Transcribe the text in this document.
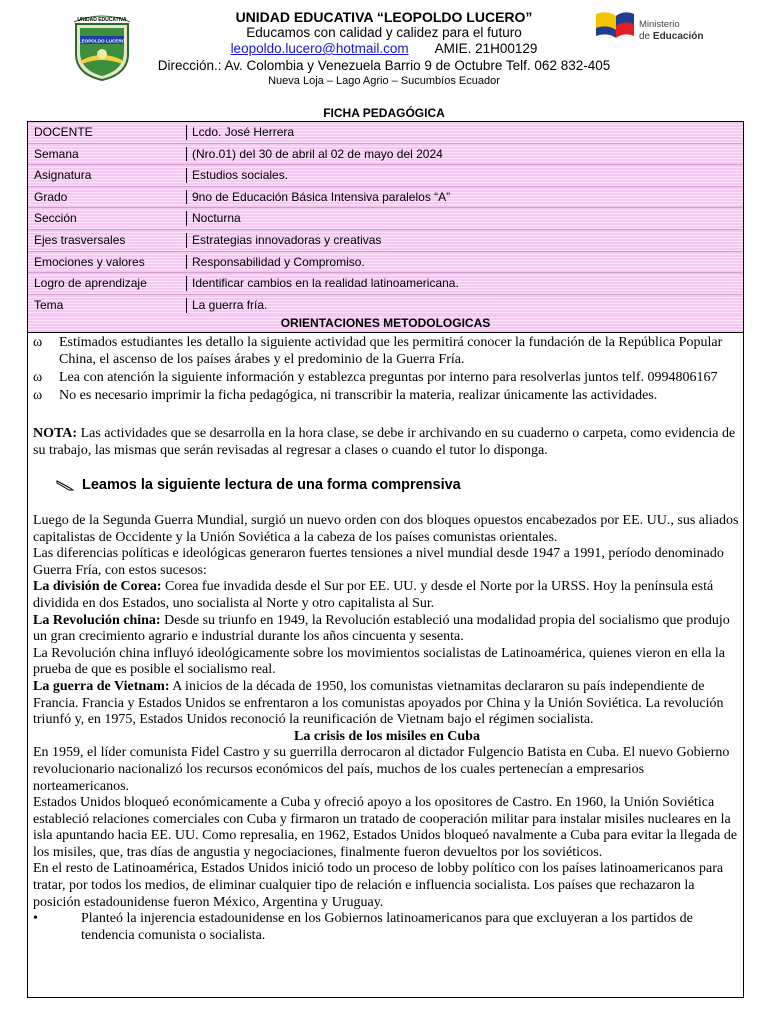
LEOPOLDO LUCERO
UNIDAD EDUCATIVA	UNIDAD EDUCATIVA “LEOPOLDO LUCERO”
Educamos con calidad y calidez para el futuro
leopoldo.lucero@hotmail.com AMIE. 21H00129
Dirección.: Av. Colombia y Venezuela Barrio 9 de Octubre Telf. 062 832-405
Nueva Loja – Lago Agrio – Sucumbíos Ecuador
Ministerio
de Educación
FICHA PEDAGÓGICA
DOCENTE	Lcdo. José Herrera
Semana	(Nro.01) del 30 de abril al 02 de mayo del 2024
Asignatura	Estudios sociales.
Grado	9no de Educación Básica Intensiva paralelos “A”
Sección	Nocturna
Ejes trasversales	Estrategias innovadoras y creativas
Emociones y valores	Responsabilidad y Compromiso.
Logro de aprendizaje	Identificar cambios en la realidad latinoamericana.
Tema	La guerra fría.
ORIENTACIONES METODOLOGICAS
ω	Estimados estudiantes les detallo la siguiente actividad que les permitirá conocer la fundación de la República Popular China, el ascenso de los países árabes y el predominio de la Guerra Fría.
ω	Lea con atención la siguiente información y establezca preguntas por interno para resolverlas juntos telf. 0994806167
ω	No es necesario imprimir la ficha pedagógica, ni transcribir la materia, realizar únicamente las actividades.
NOTA: Las actividades que se desarrolla en la hora clase, se debe ir archivando en su cuaderno o carpeta, como evidencia de su trabajo, las mismas que serán revisadas al regresar a clases o cuando el tutor lo disponga.
Leamos la siguiente lectura de una forma comprensiva

Luego de la Segunda Guerra Mundial, surgió un nuevo orden con dos bloques opuestos encabezados por EE. UU., sus aliados capitalistas de Occidente y la Unión Soviética a la cabeza de los países comunistas orientales.

Las diferencias políticas e ideológicas generaron fuertes tensiones a nivel mundial desde 1947 a 1991, período denominado Guerra Fría, con estos sucesos:

La división de Corea: Corea fue invadida desde el Sur por EE. UU. y desde el Norte por la URSS. Hoy la península está dividida en dos Estados, uno socialista al Norte y otro capitalista al Sur.

La Revolución china: Desde su triunfo en 1949, la Revolución estableció una modalidad propia del socialismo que produjo un gran crecimiento agrario e industrial durante los años cincuenta y sesenta.

La Revolución china influyó ideológicamente sobre los movimientos socialistas de Latinoamérica, quienes vieron en ella la prueba de que es posible el socialismo real.

La guerra de Vietnam: A inicios de la década de 1950, los comunistas vietnamitas declararon su país independiente de Francia. Francia y Estados Unidos se enfrentaron a los comunistas apoyados por China y la Unión Soviética. La revolución triunfó y, en 1975, Estados Unidos reconoció la reunificación de Vietnam bajo el régimen socialista.

La crisis de los misiles en Cuba

En 1959, el líder comunista Fidel Castro y su guerrilla derrocaron al dictador Fulgencio Batista en Cuba. El nuevo Gobierno revolucionario nacionalizó los recursos económicos del país, muchos de los cuales pertenecían a empresarios norteamericanos.

Estados Unidos bloqueó económicamente a Cuba y ofreció apoyo a los opositores de Castro. En 1960, la Unión Soviética estableció relaciones comerciales con Cuba y firmaron un tratado de cooperación militar para instalar misiles nucleares en la isla apuntando hacia EE. UU. Como represalia, en 1962, Estados Unidos bloqueó navalmente a Cuba para evitar la llegada de los misiles, que, tras días de angustia y negociaciones, finalmente fueron devueltos por los soviéticos.

En el resto de Latinoamérica, Estados Unidos inició todo un proceso de lobby político con los países latinoamericanos para tratar, por todos los medios, de eliminar cualquier tipo de relación e influencia socialista. Los países que rechazaron la posición estadounidense fueron México, Argentina y Uruguay.

•	Planteó la injerencia estadounidense en los Gobiernos latinoamericanos para que excluyeran a los partidos de tendencia comunista o socialista.
